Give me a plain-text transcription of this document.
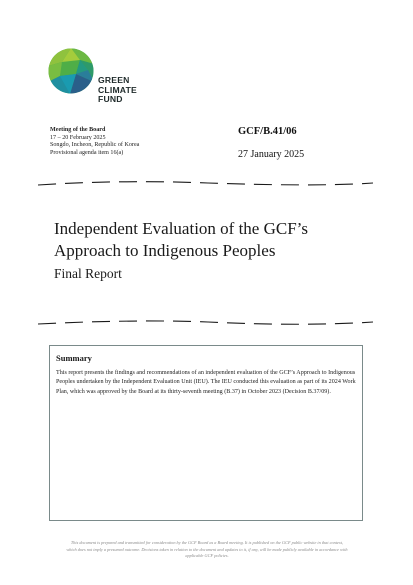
GREEN
CLIMATE
FUND
Meeting of the Board
17 – 20 February 2025
Songdo, Incheon, Republic of Korea
Provisional agenda item 16(a)
GCF/B.41/06
27 January 2025
Independent Evaluation of the GCF’s Approach to Indigenous Peoples
Final Report
Summary
This report presents the findings and recommendations of an independent evaluation of the GCF’s Approach to Indigenous Peoples undertaken by the Independent Evaluation Unit (IEU). The IEU conducted this evaluation as part of its 2024 Work Plan, which was approved by the Board at its thirty-seventh meeting (B.37) in October 2023 (Decision B.37/09).
This document is prepared and transmitted for consideration by the GCF Board as a Board meeting. It is published on the GCF public website in that context, which does not imply a presumed outcome. Decisions taken in relation to the document and updates to it, if any, will be made publicly available in accordance with applicable GCF policies.
